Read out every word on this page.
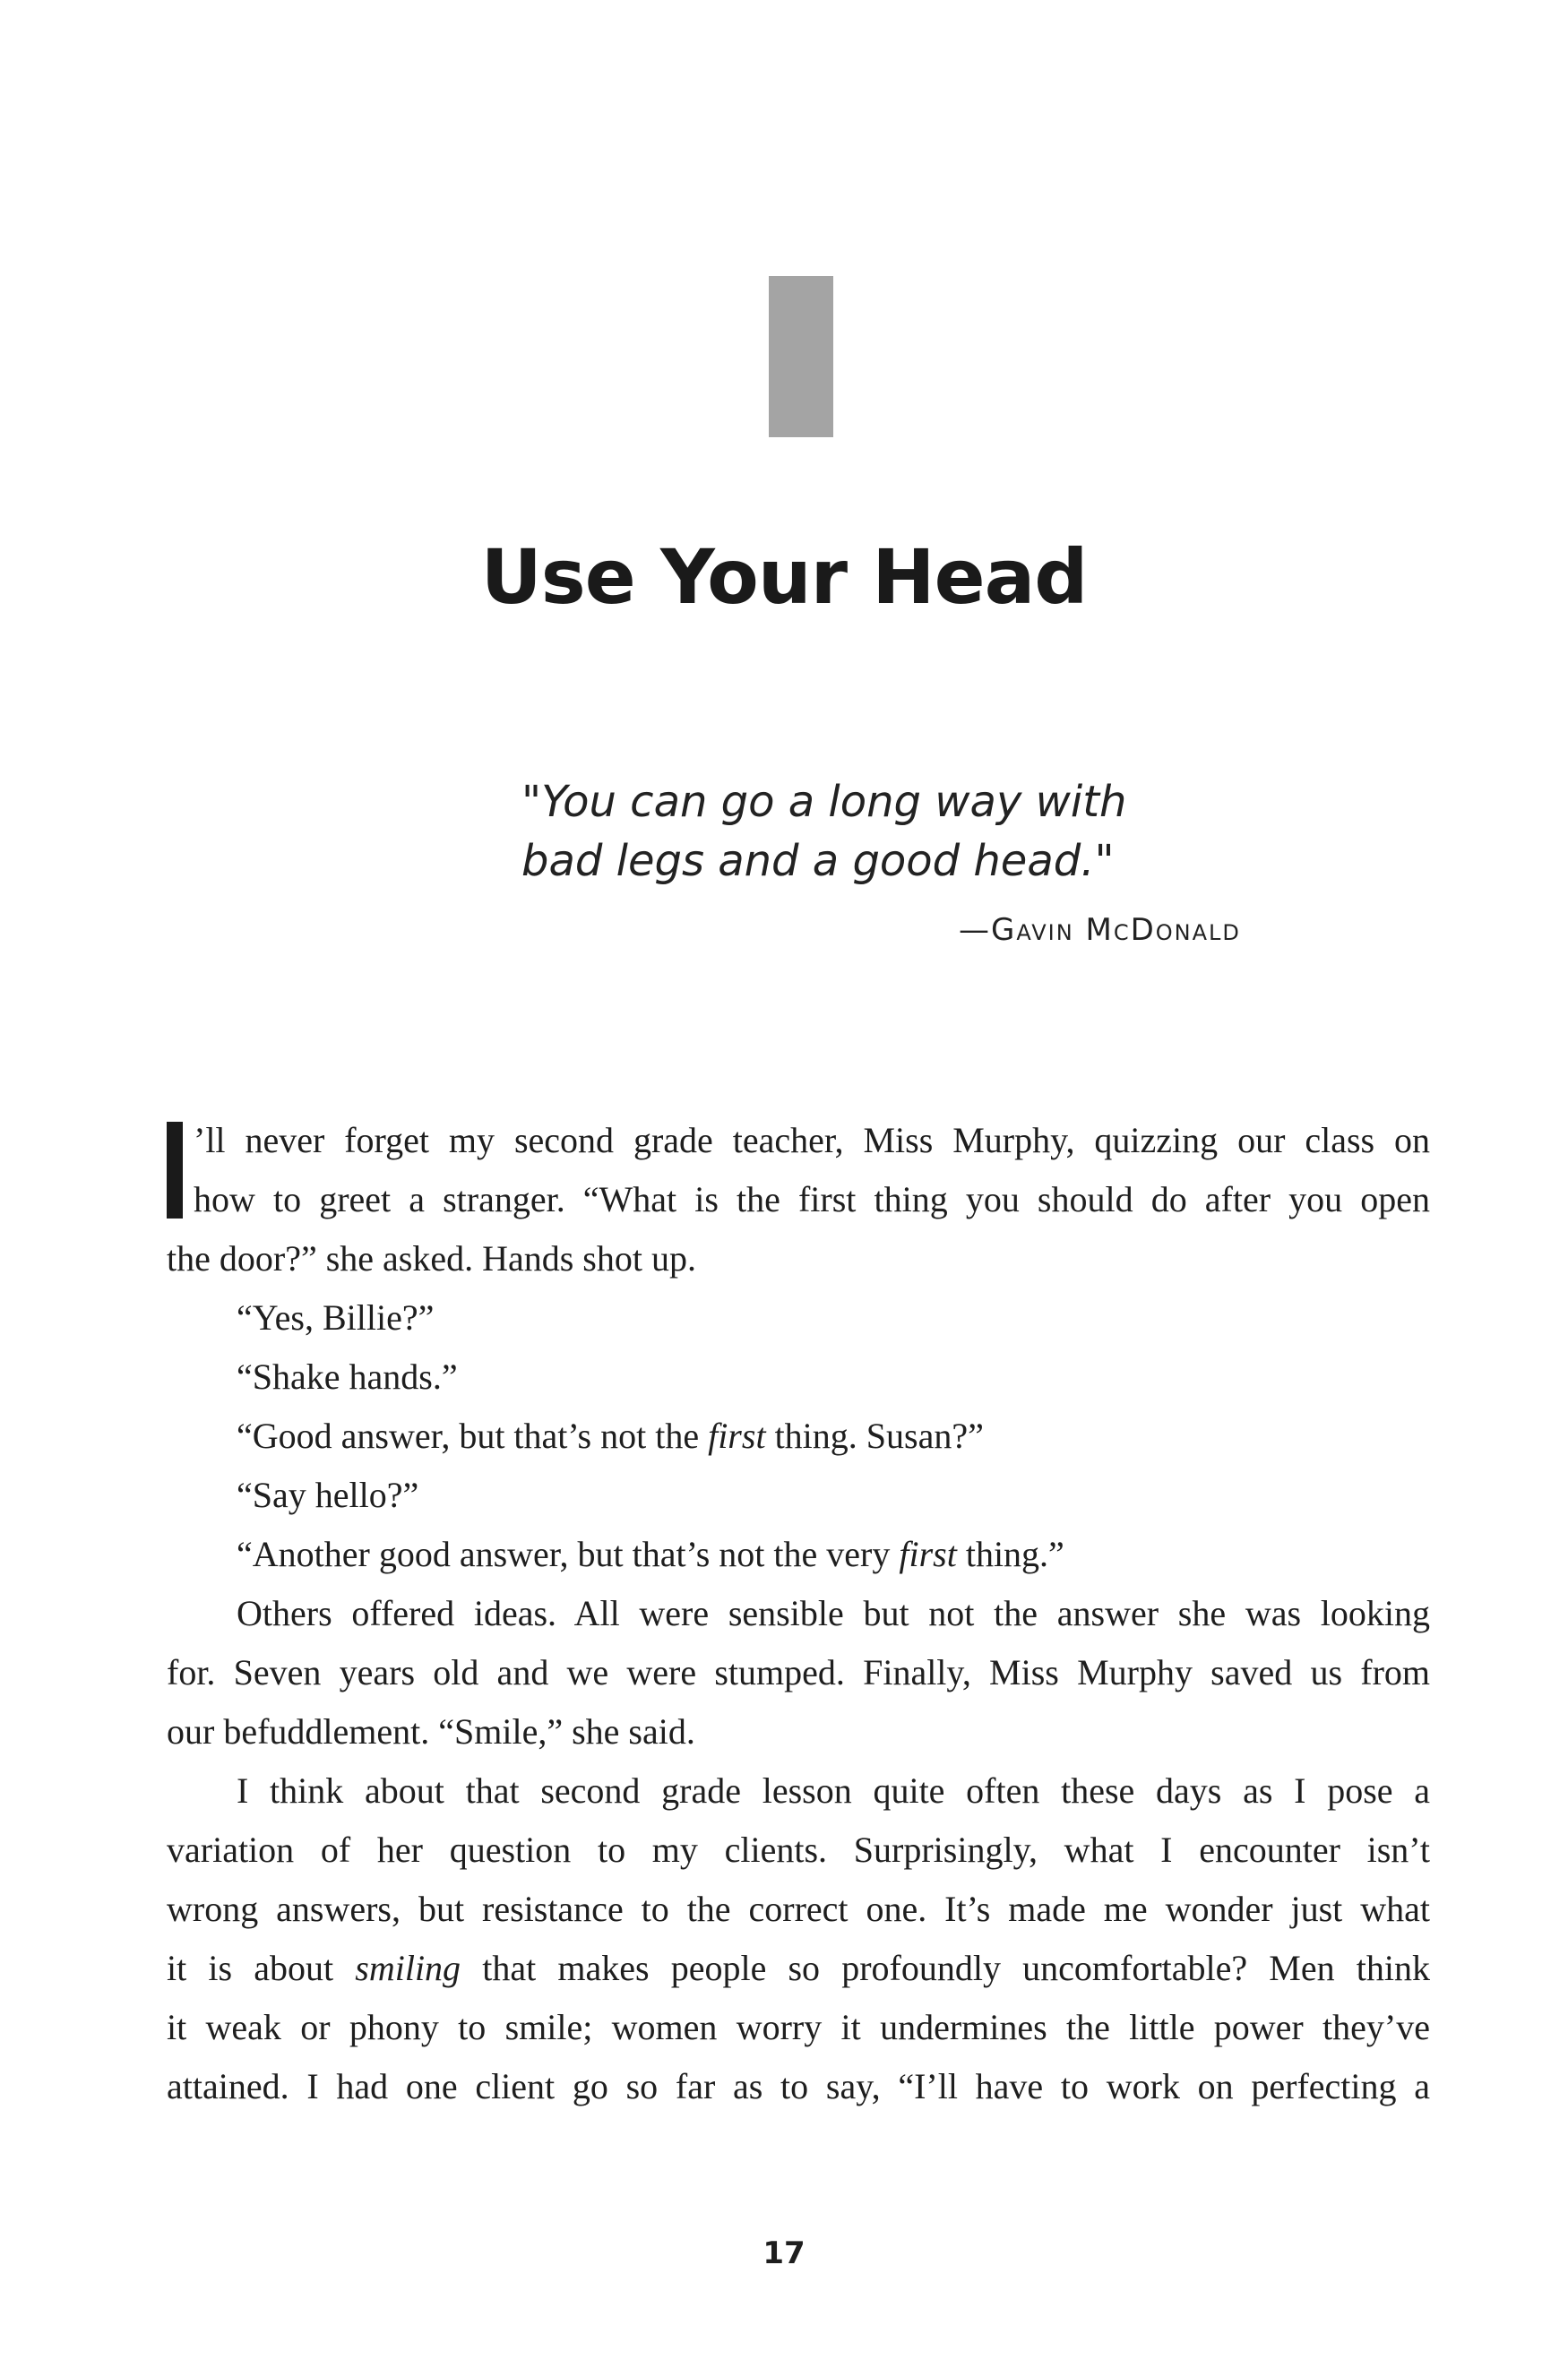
Use Your Head
"You can go a long way with
bad legs and a good head."
—Gavin McDonald
’ll never forget my second grade teacher, Miss Murphy, quizzing our class on
how to greet a stranger. “What is the first thing you should do after you open
the door?” she asked. Hands shot up.
“Yes, Billie?”
“Shake hands.”
“Good answer, but that’s not the first thing. Susan?”
“Say hello?”
“Another good answer, but that’s not the very first thing.”
Others offered ideas. All were sensible but not the answer she was looking
for. Seven years old and we were stumped. Finally, Miss Murphy saved us from
our befuddlement. “Smile,” she said.
I think about that second grade lesson quite often these days as I pose a
variation of her question to my clients. Surprisingly, what I encounter isn’t
wrong answers, but resistance to the correct one. It’s made me wonder just what
it is about smiling that makes people so profoundly uncomfortable? Men think
it weak or phony to smile; women worry it undermines the little power they’ve
attained. I had one client go so far as to say, “I’ll have to work on perfecting a
17
